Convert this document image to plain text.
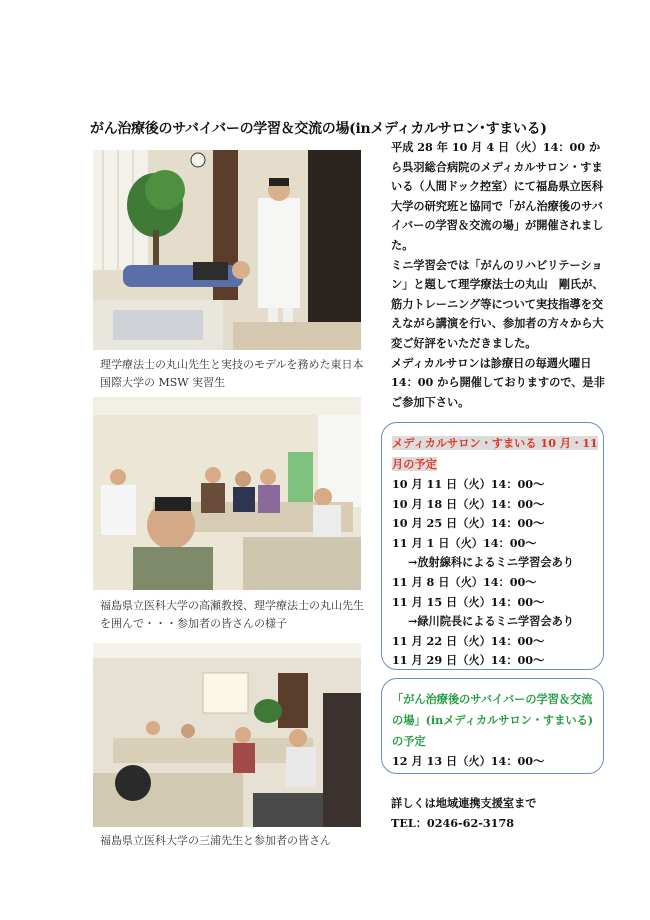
がん治療後のサバイバーの学習＆交流の場(inメディカルサロン･すまいる)
理学療法士の丸山先生と実技のモデルを務めた東日本国際大学の MSW 実習生
福島県立医科大学の高瀬教授、理学療法士の丸山先生を囲んで・・・参加者の皆さんの様子
福島県立医科大学の三浦先生と参加者の皆さん

平成 28 年 10 月 4 日（火）14：00 から呉羽総合病院のメディカルサロン・すまいる（人間ドック控室）にて福島県立医科大学の研究班と協同で「がん治療後のサバイバーの学習＆交流の場」が開催されました。

ミニ学習会では「がんのリハビリテーション」と題して理学療法士の丸山　剛氏が、筋力トレーニング等について実技指導を交えながら講演を行い、参加者の方々から大変ご好評をいただきました。

メディカルサロンは診療日の毎週火曜日 14：00 から開催しておりますので、是非ご参加下さい。

メディカルサロン・すまいる 10 月・11 月の予定
10 月 11 日（火）14：00～
10 月 18 日（火）14：00～
10 月 25 日（火）14：00～
11 月 1 日（火）14：00～
→放射線科によるミニ学習会あり
11 月 8 日（火）14：00～
11 月 15 日（火）14：00～
→緑川院長によるミニ学習会あり
11 月 22 日（火）14：00～
11 月 29 日（火）14：00～
「がん治療後のサバイバーの学習＆交流の場」(inメディカルサロン・すまいる)の予定
12 月 13 日（火）14：00～
詳しくは地域連携支援室まで
TEL：0246-62-3178
